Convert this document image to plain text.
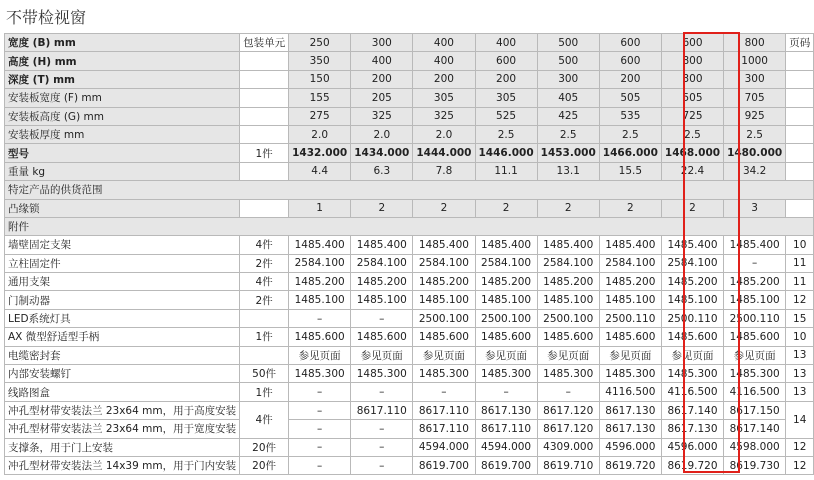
不带检视窗
宽度 (B) mm	包装单元	250	300	400	400	500	600	600	800	页码
高度 (H) mm		350	400	400	600	500	600	800	1000	
深度 (T) mm		150	200	200	200	300	200	300	300	
安装板宽度 (F) mm		155	205	305	305	405	505	505	705	
安装板高度 (G) mm		275	325	325	525	425	535	725	925	
安装板厚度 mm		2.0	2.0	2.0	2.5	2.5	2.5	2.5	2.5	
型号	1件	1432.000	1434.000	1444.000	1446.000	1453.000	1466.000	1468.000	1480.000	
重量 kg		4.4	6.3	7.8	11.1	13.1	15.5	22.4	34.2	
特定产品的供货范围										
凸缘锁		1	2	2	2	2	2	2	3	
附件										
墙壁固定支架	4件	1485.400	1485.400	1485.400	1485.400	1485.400	1485.400	1485.400	1485.400	10
立柱固定件	2件	2584.100	2584.100	2584.100	2584.100	2584.100	2584.100	2584.100	–	11
通用支架	4件	1485.200	1485.200	1485.200	1485.200	1485.200	1485.200	1485.200	1485.200	11
门制动器	2件	1485.100	1485.100	1485.100	1485.100	1485.100	1485.100	1485.100	1485.100	12
LED系统灯具		–	–	2500.100	2500.100	2500.100	2500.110	2500.110	2500.110	15
AX 微型舒适型手柄	1件	1485.600	1485.600	1485.600	1485.600	1485.600	1485.600	1485.600	1485.600	10
电缆密封套		参见页面	参见页面	参见页面	参见页面	参见页面	参见页面	参见页面	参见页面	13
内部安装螺钉	50件	1485.300	1485.300	1485.300	1485.300	1485.300	1485.300	1485.300	1485.300	13
线路图盒	1件	–	–	–	–	–	4116.500	4116.500	4116.500	13
冲孔型材带安装法兰 23x64 mm，用于高度安装	4件	–	8617.110	8617.110	8617.130	8617.120	8617.130	8617.140	8617.150	14
冲孔型材带安装法兰 23x64 mm，用于宽度安装		–	–	8617.110	8617.110	8617.120	8617.130	8617.130	8617.140	
支撑条，用于门上安装	20件	–	–	4594.000	4594.000	4309.000	4596.000	4596.000	4598.000	12
冲孔型材带安装法兰 14x39 mm，用于门内安装	20件	–	–	8619.700	8619.700	8619.710	8619.720	8619.720	8619.730	12
